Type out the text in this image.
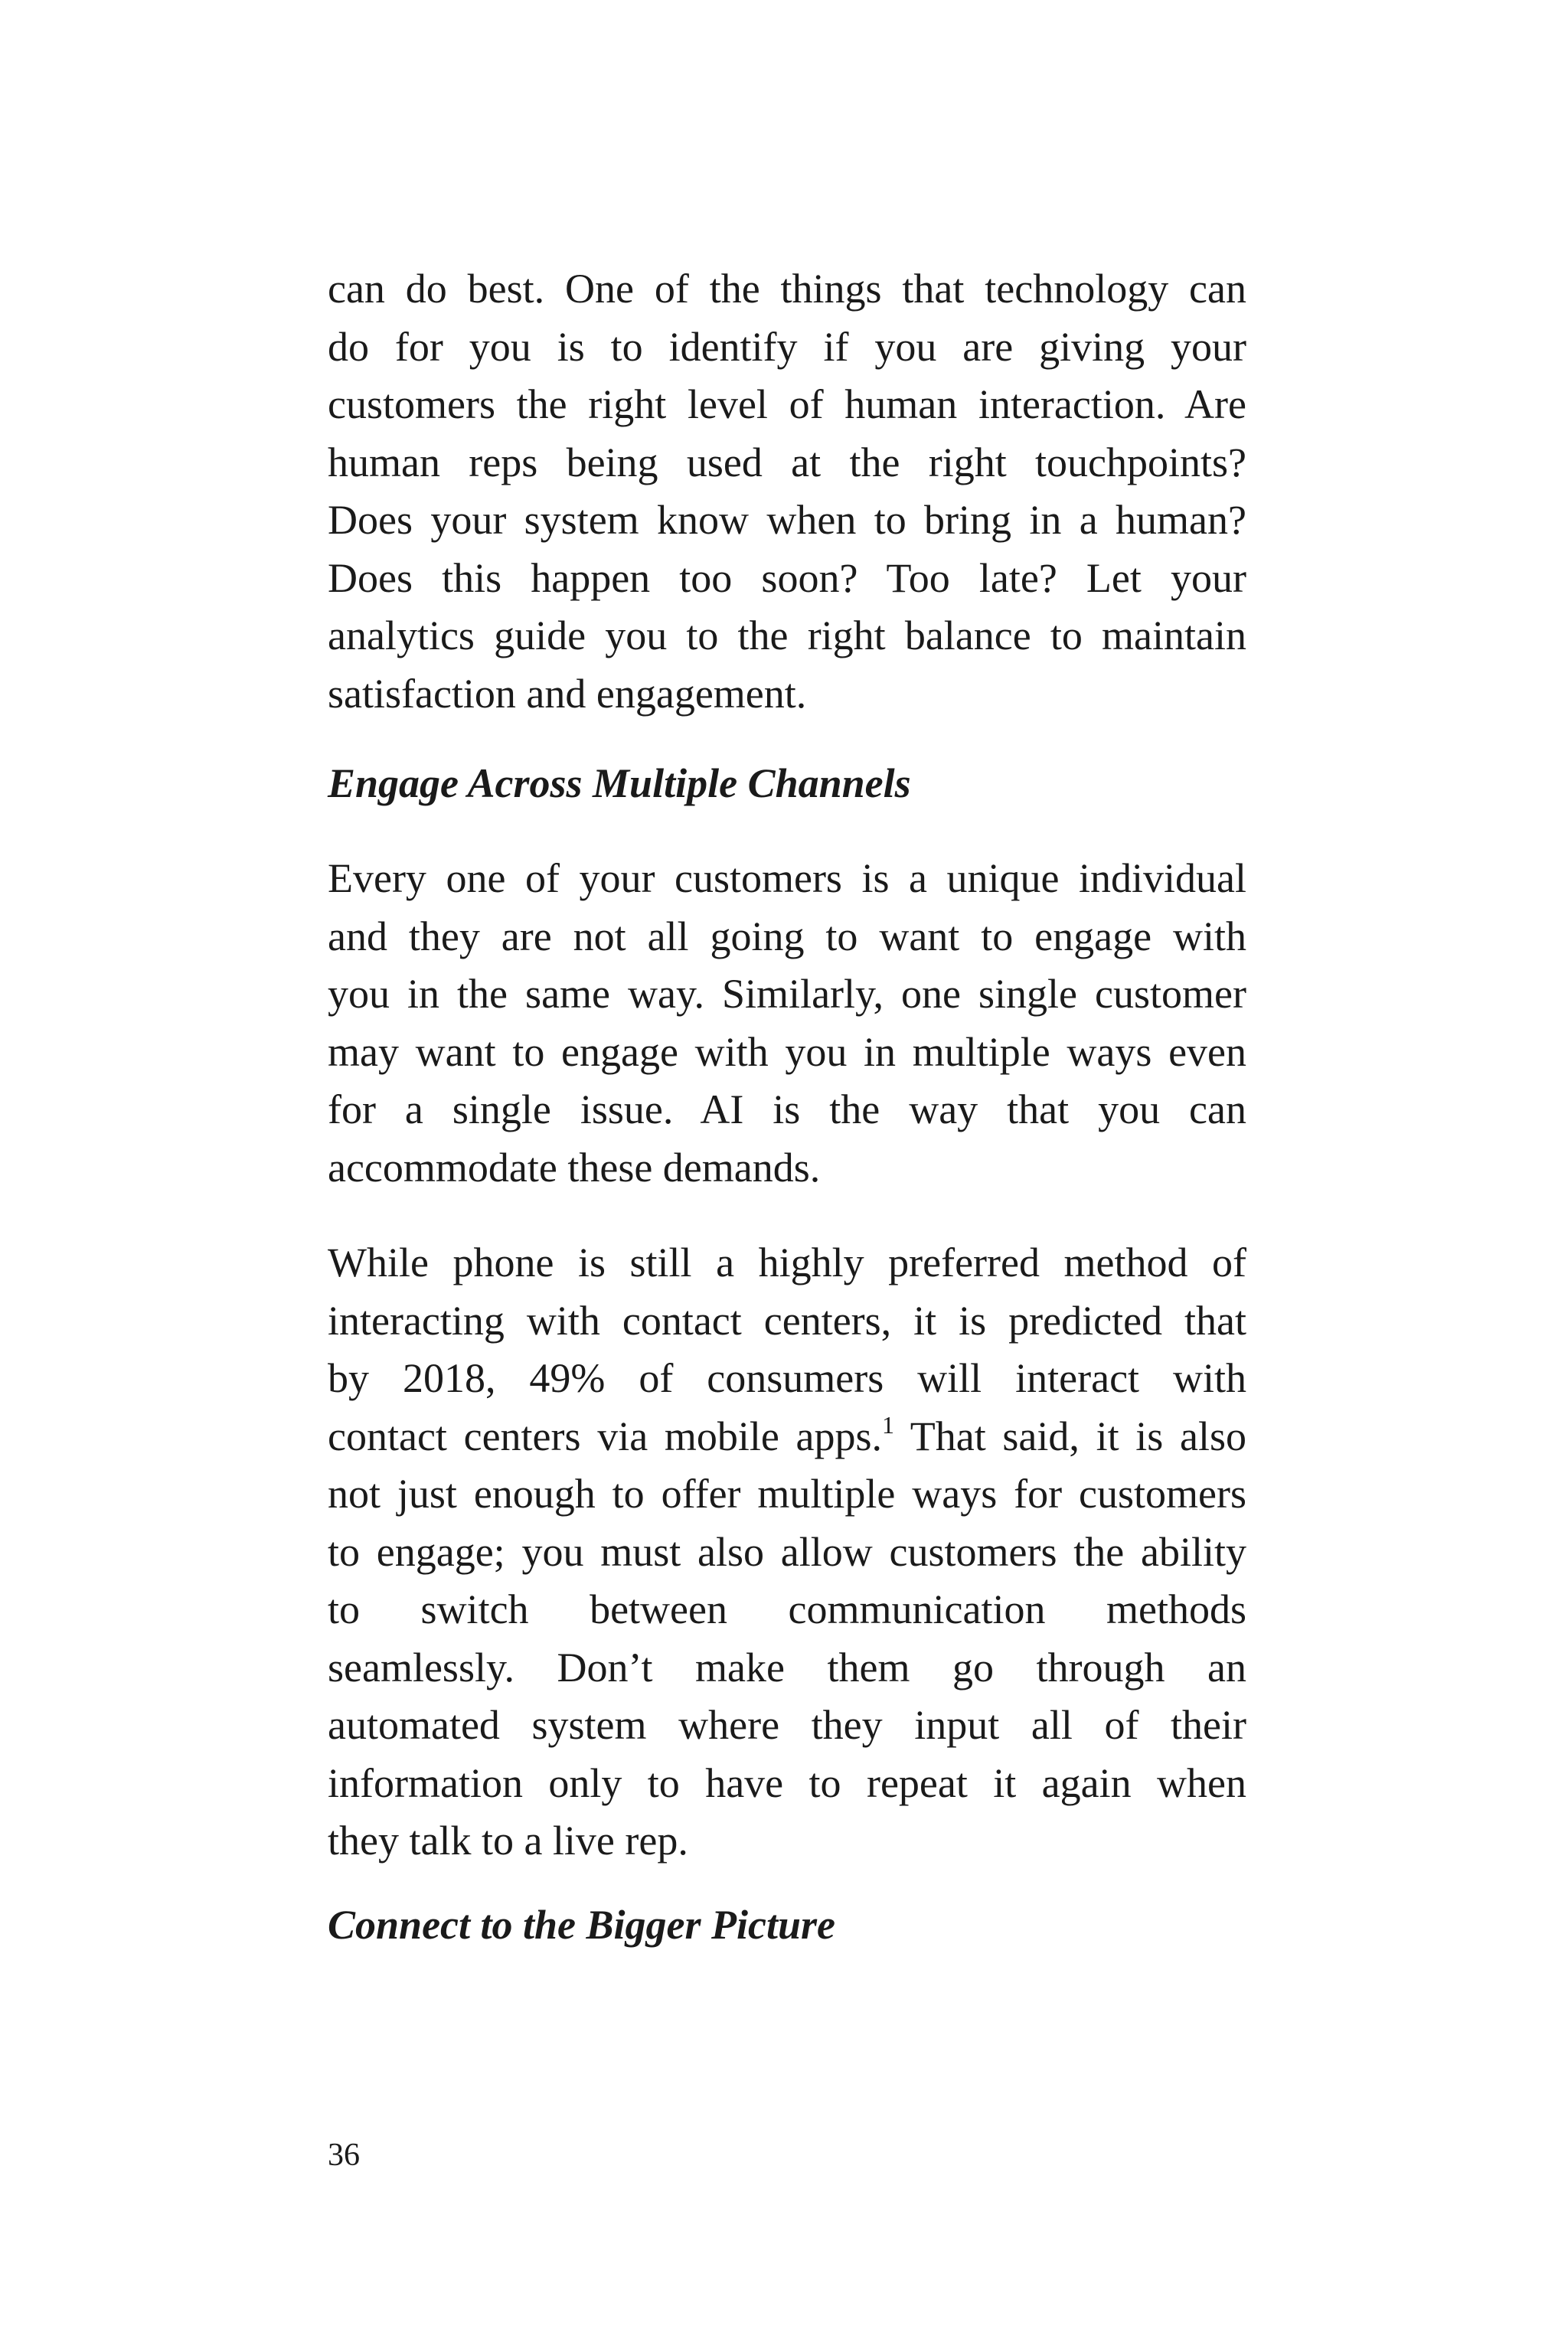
can do best. One of the things that technology can
do for you is to identify if you are giving your
customers the right level of human interaction. Are
human reps being used at the right touchpoints?
Does your system know when to bring in a human?
Does this happen too soon? Too late? Let your
analytics guide you to the right balance to maintain
satisfaction and engagement.
Engage Across Multiple Channels
Every one of your customers is a unique individual
and they are not all going to want to engage with
you in the same way. Similarly, one single customer
may want to engage with you in multiple ways even
for a single issue. AI is the way that you can
accommodate these demands.
While phone is still a highly preferred method of
interacting with contact centers, it is predicted that
by 2018, 49% of consumers will interact with
contact centers via mobile apps.$^1$ That said, it is also
not just enough to offer multiple ways for customers
to engage; you must also allow customers the ability
to switch between communication methods
seamlessly. Don’t make them go through an
automated system where they input all of their
information only to have to repeat it again when
they talk to a live rep.
Connect to the Bigger Picture
36
